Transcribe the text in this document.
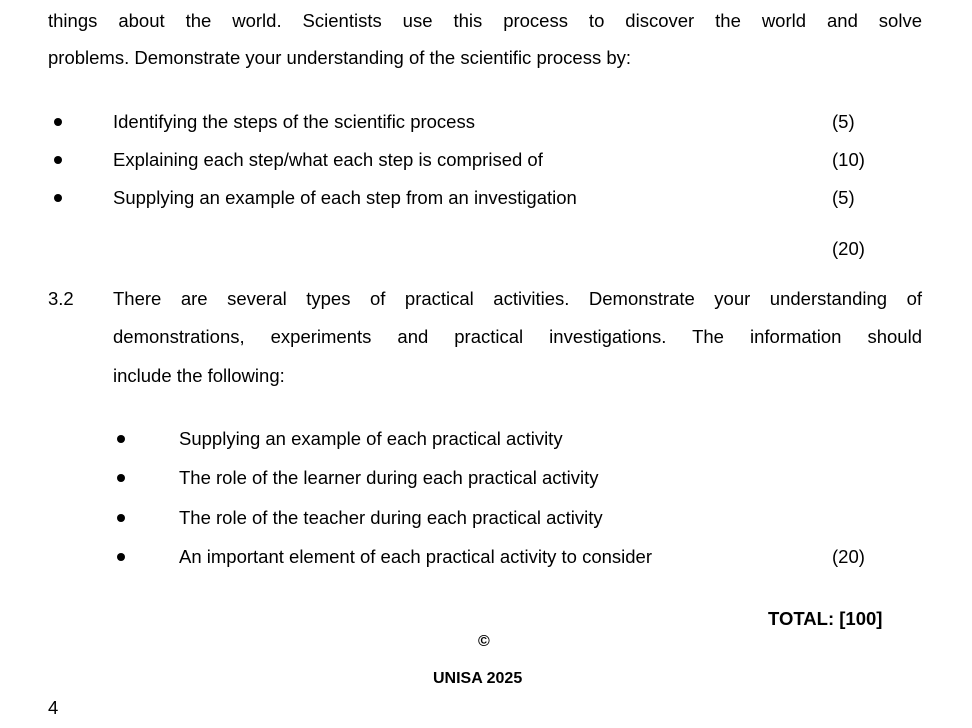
things about the world. Scientists use this process to discover the world and solve
problems. Demonstrate your understanding of the scientific process by:
Identifying the steps of the scientific process	(5)
Explaining each step/what each step is comprised of	(10)
Supplying an example of each step from an investigation	(5)
(20)
3.2 There are several types of practical activities. Demonstrate your understanding of
demonstrations, experiments and practical investigations. The information should
include the following:
Supplying an example of each practical activity
The role of the learner during each practical activity
The role of the teacher during each practical activity
An important element of each practical activity to consider	(20)
TOTAL: [100]
©
UNISA 2025
4
